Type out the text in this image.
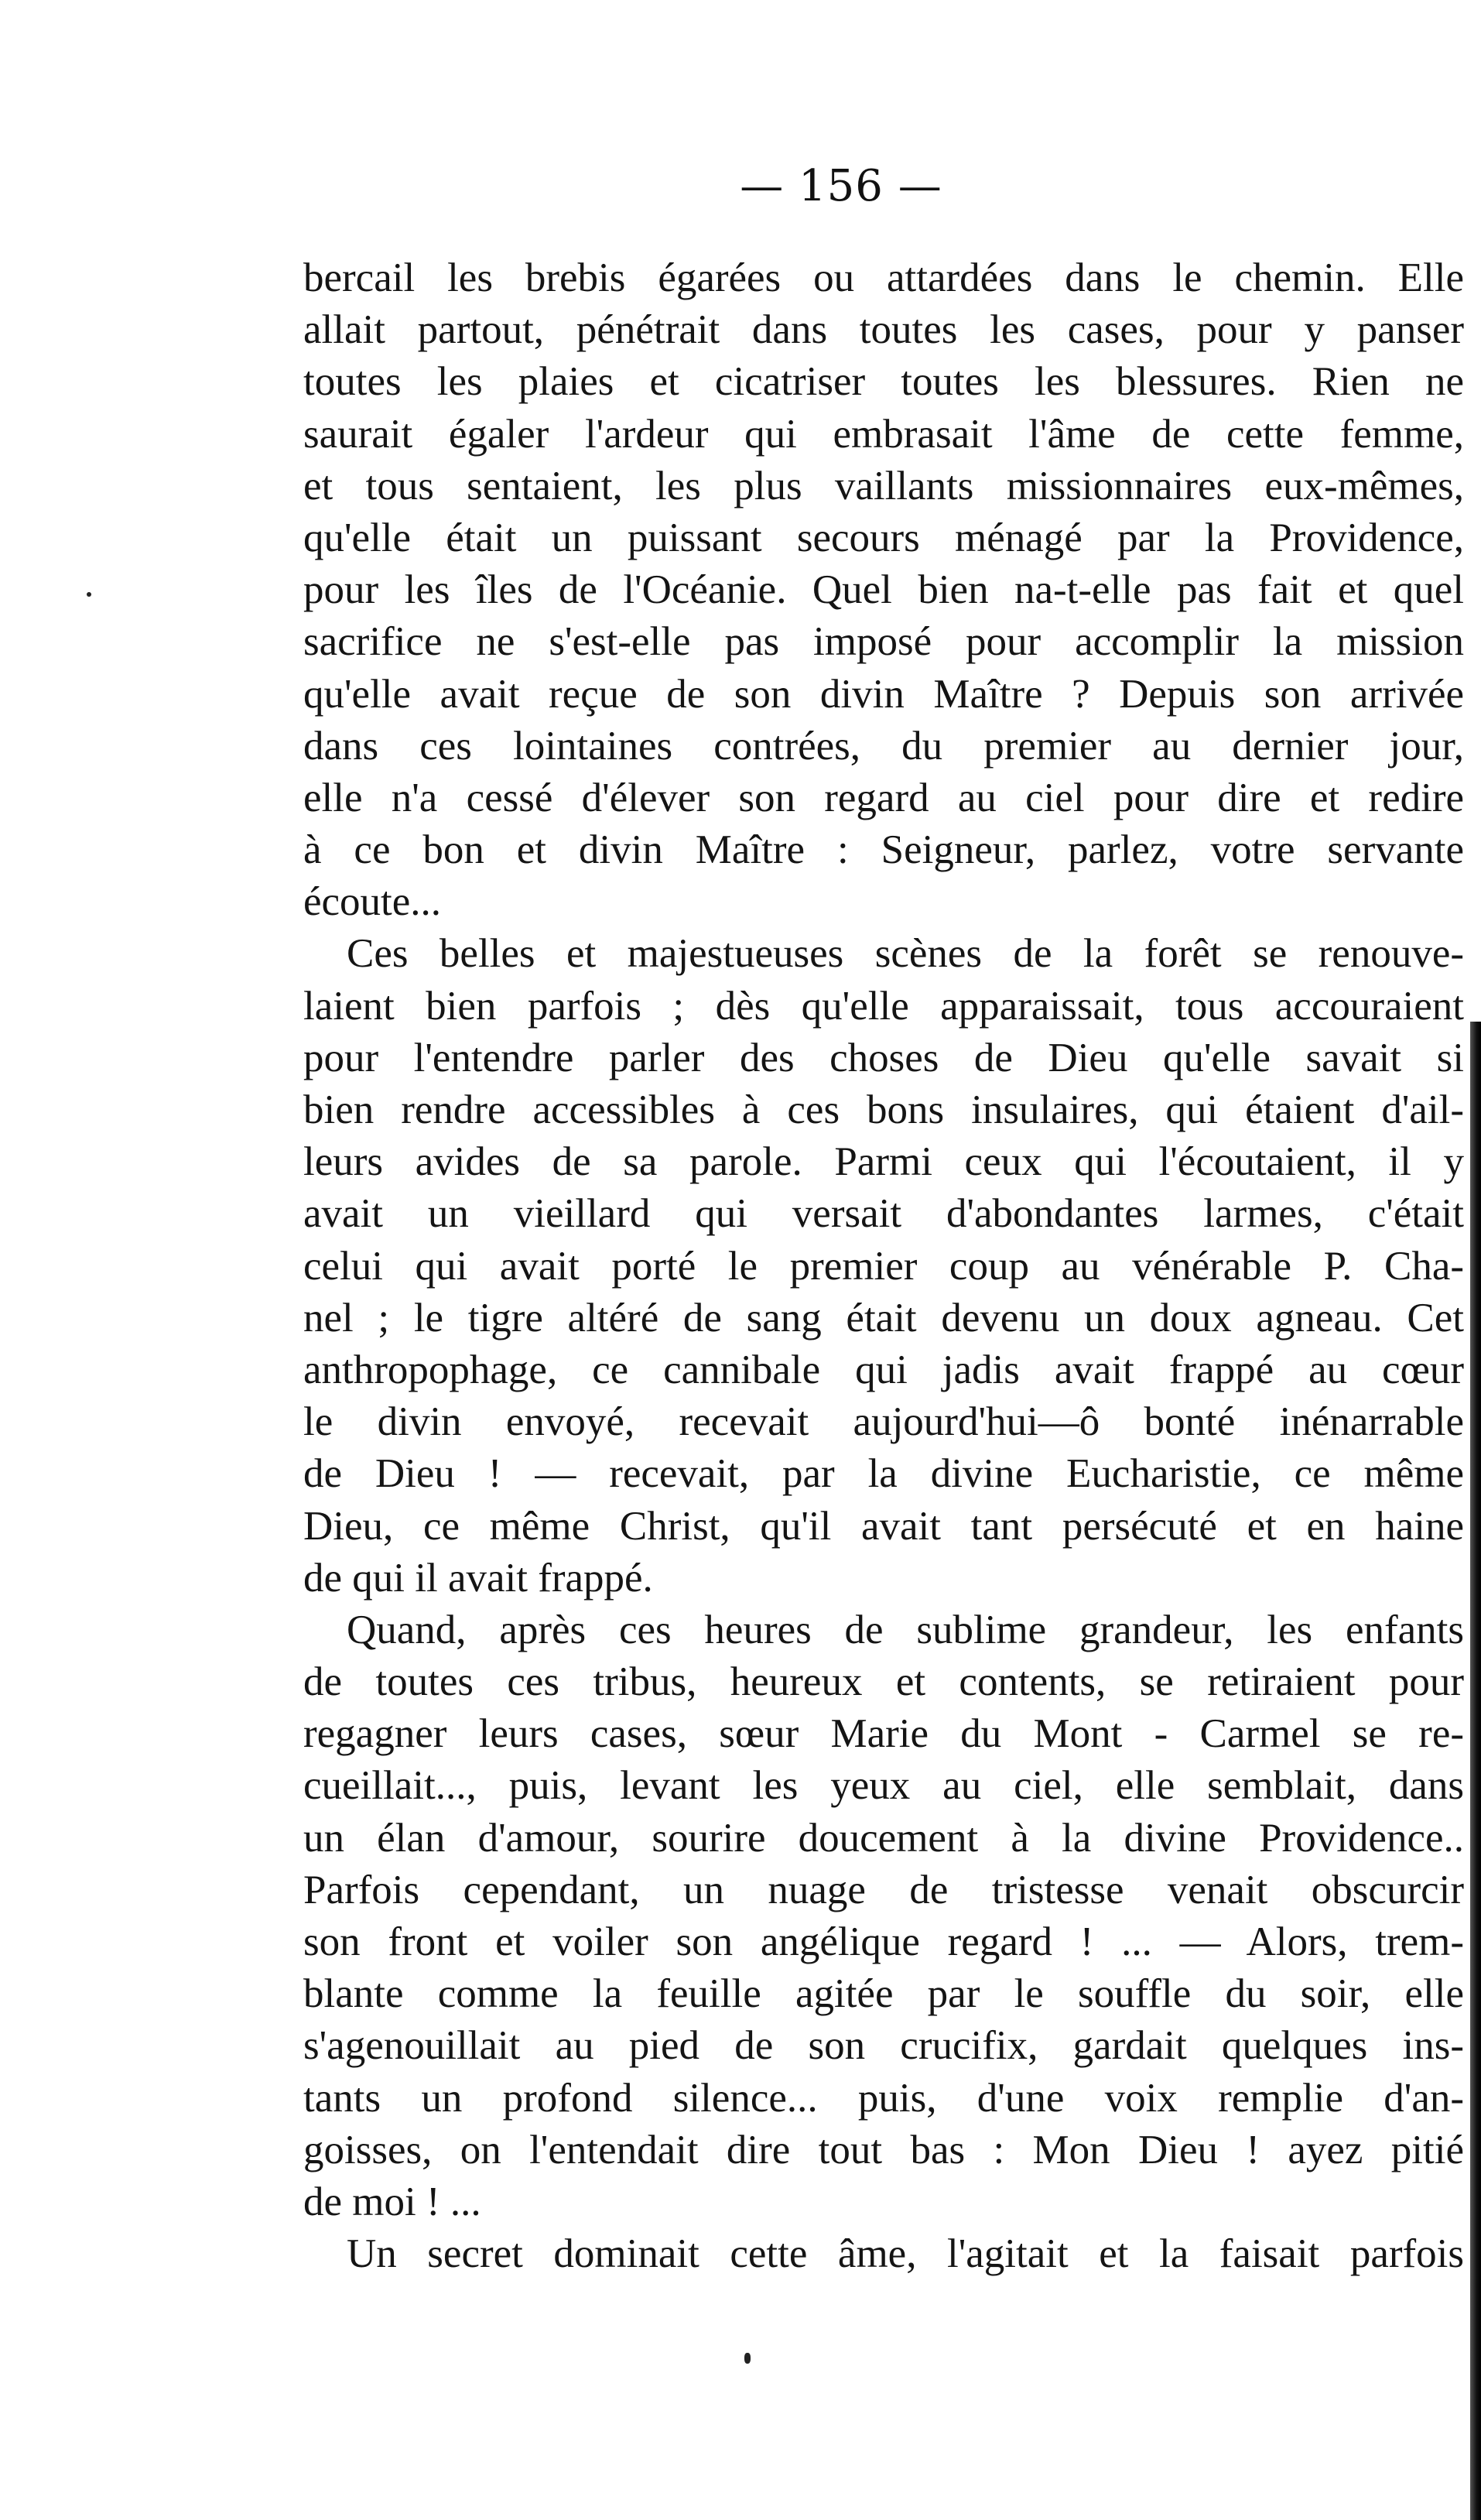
— 156 —
bercail les brebis égarées ou attardées dans le chemin. Elle
allait partout, pénétrait dans toutes les cases, pour y panser
toutes les plaies et cicatriser toutes les blessures. Rien ne
saurait égaler l'ardeur qui embrasait l'âme de cette femme,
et tous sentaient, les plus vaillants missionnaires eux-mêmes,
qu'elle était un puissant secours ménagé par la Providence,
pour les îles de l'Océanie. Quel bien na-t-elle pas fait et quel
sacrifice ne s'est-elle pas imposé pour accomplir la mission
qu'elle avait reçue de son divin Maître ? Depuis son arrivée
dans ces lointaines contrées, du premier au dernier jour,
elle n'a cessé d'élever son regard au ciel pour dire et redire
à ce bon et divin Maître : Seigneur, parlez, votre servante
écoute...
Ces belles et majestueuses scènes de la forêt se renouve-
laient bien parfois ; dès qu'elle apparaissait, tous accouraient
pour l'entendre parler des choses de Dieu qu'elle savait si
bien rendre accessibles à ces bons insulaires, qui étaient d'ail-
leurs avides de sa parole. Parmi ceux qui l'écoutaient, il y
avait un vieillard qui versait d'abondantes larmes, c'était
celui qui avait porté le premier coup au vénérable P. Cha-
nel ; le tigre altéré de sang était devenu un doux agneau. Cet
anthropophage, ce cannibale qui jadis avait frappé au cœur
le divin envoyé, recevait aujourd'hui—ô bonté inénarrable
de Dieu ! — recevait, par la divine Eucharistie, ce même
Dieu, ce même Christ, qu'il avait tant persécuté et en haine
de qui il avait frappé.
Quand, après ces heures de sublime grandeur, les enfants
de toutes ces tribus, heureux et contents, se retiraient pour
regagner leurs cases, sœur Marie du Mont - Carmel se re-
cueillait..., puis, levant les yeux au ciel, elle semblait, dans
un élan d'amour, sourire doucement à la divine Providence..
Parfois cependant, un nuage de tristesse venait obscurcir
son front et voiler son angélique regard ! ... — Alors, trem-
blante comme la feuille agitée par le souffle du soir, elle
s'agenouillait au pied de son crucifix, gardait quelques ins-
tants un profond silence... puis, d'une voix remplie d'an-
goisses, on l'entendait dire tout bas : Mon Dieu ! ayez pitié
de moi ! ...
Un secret dominait cette âme, l'agitait et la faisait parfois
